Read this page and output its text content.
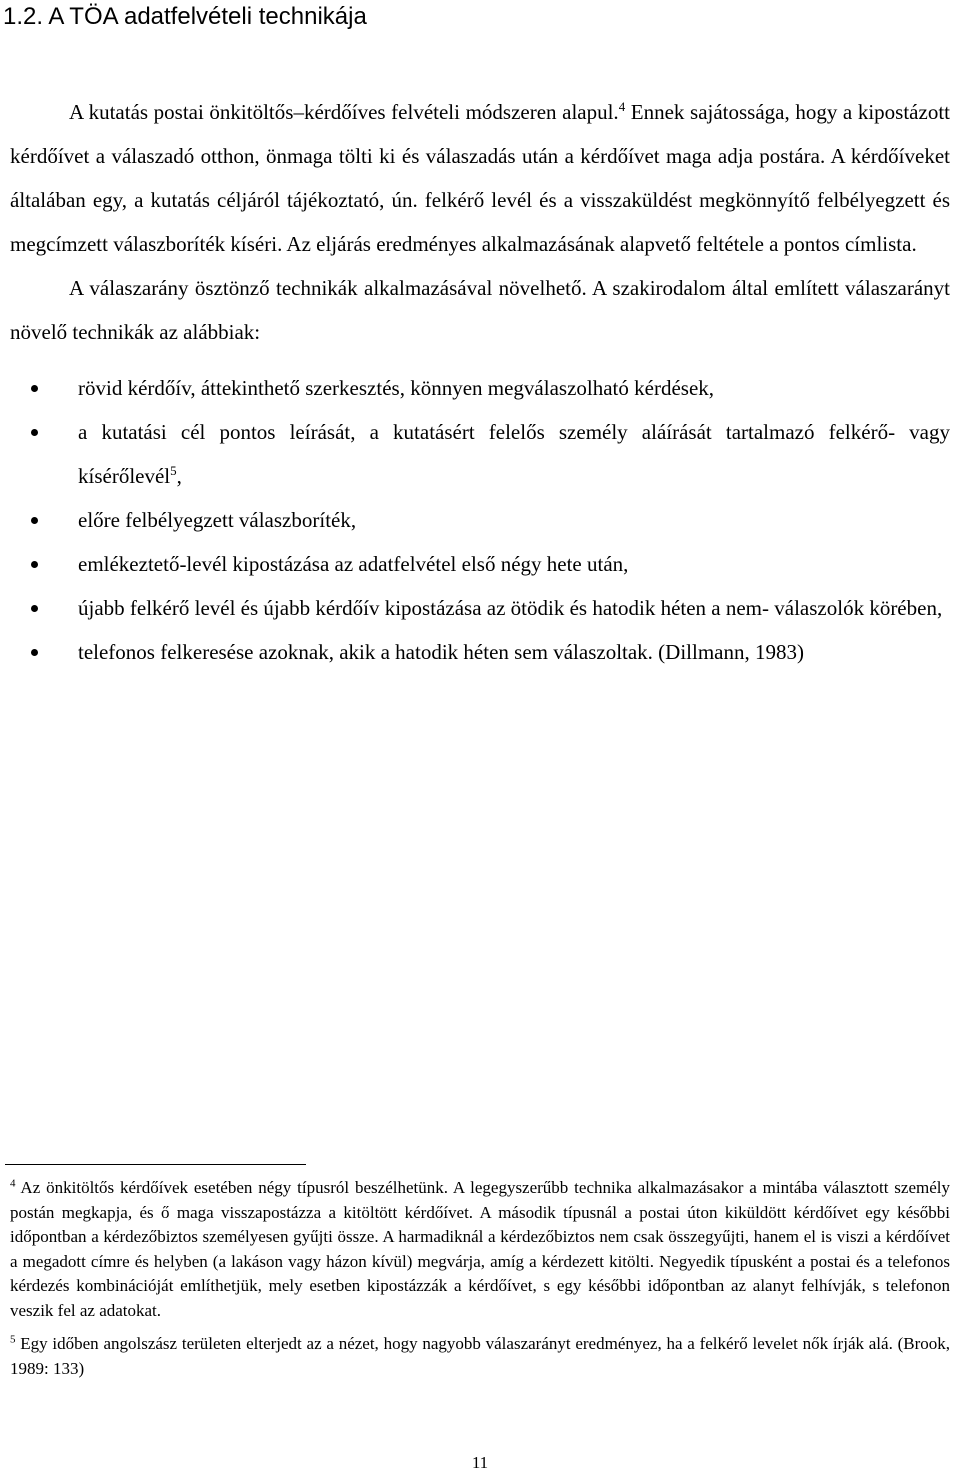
1.2. A TÖA adatfelvételi technikája

A kutatás postai önkitöltős–kérdőíves felvételi módszeren alapul.$^4$ Ennek sajátossága, hogy a kipostázott kérdőívet a válaszadó otthon, önmaga tölti ki és válaszadás után a kérdőívet maga adja postára. A kérdőíveket általában egy, a kutatás céljáról tájékoztató, ún. felkérő levél és a visszaküldést megkönnyítő felbélyegzett és megcímzett válaszboríték kíséri. Az eljárás eredményes alkalmazásának alapvető feltétele a pontos címlista.

A válaszarány ösztönző technikák alkalmazásával növelhető. A szakirodalom által említett válaszarányt növelő technikák az alábbiak:

rövid kérdőív, áttekinthető szerkesztés, könnyen megválaszolható kérdések,
a kutatási cél pontos leírását, a kutatásért felelős személy aláírását tartalmazó felkérő- vagy kísérőlevél$^5$,
előre felbélyegzett válaszboríték,
emlékeztető-levél kipostázása az adatfelvétel első négy hete után,
újabb felkérő levél és újabb kérdőív kipostázása az ötödik és hatodik héten a nem- válaszolók körében,
telefonos felkeresése azoknak, akik a hatodik héten sem válaszoltak. (Dillmann, 1983)

$^4$ Az önkitöltős kérdőívek esetében négy típusról beszélhetünk. A legegyszerűbb technika alkalmazásakor a mintába választott személy postán megkapja, és ő maga visszapostázza a kitöltött kérdőívet. A második típusnál a postai úton kiküldött kérdőívet egy későbbi időpontban a kérdezőbiztos személyesen gyűjti össze. A harmadiknál a kérdezőbiztos nem csak összegyűjti, hanem el is viszi a kérdőívet a megadott címre és helyben (a lakáson vagy házon kívül) megvárja, amíg a kérdezett kitölti. Negyedik típusként a postai és a telefonos kérdezés kombinációját említhetjük, mely esetben kipostázzák a kérdőívet, s egy későbbi időpontban az alanyt felhívják, s telefonon veszik fel az adatokat.

$^5$ Egy időben angolszász területen elterjedt az a nézet, hogy nagyobb válaszarányt eredményez, ha a felkérő levelet nők írják alá. (Brook, 1989: 133)

11
